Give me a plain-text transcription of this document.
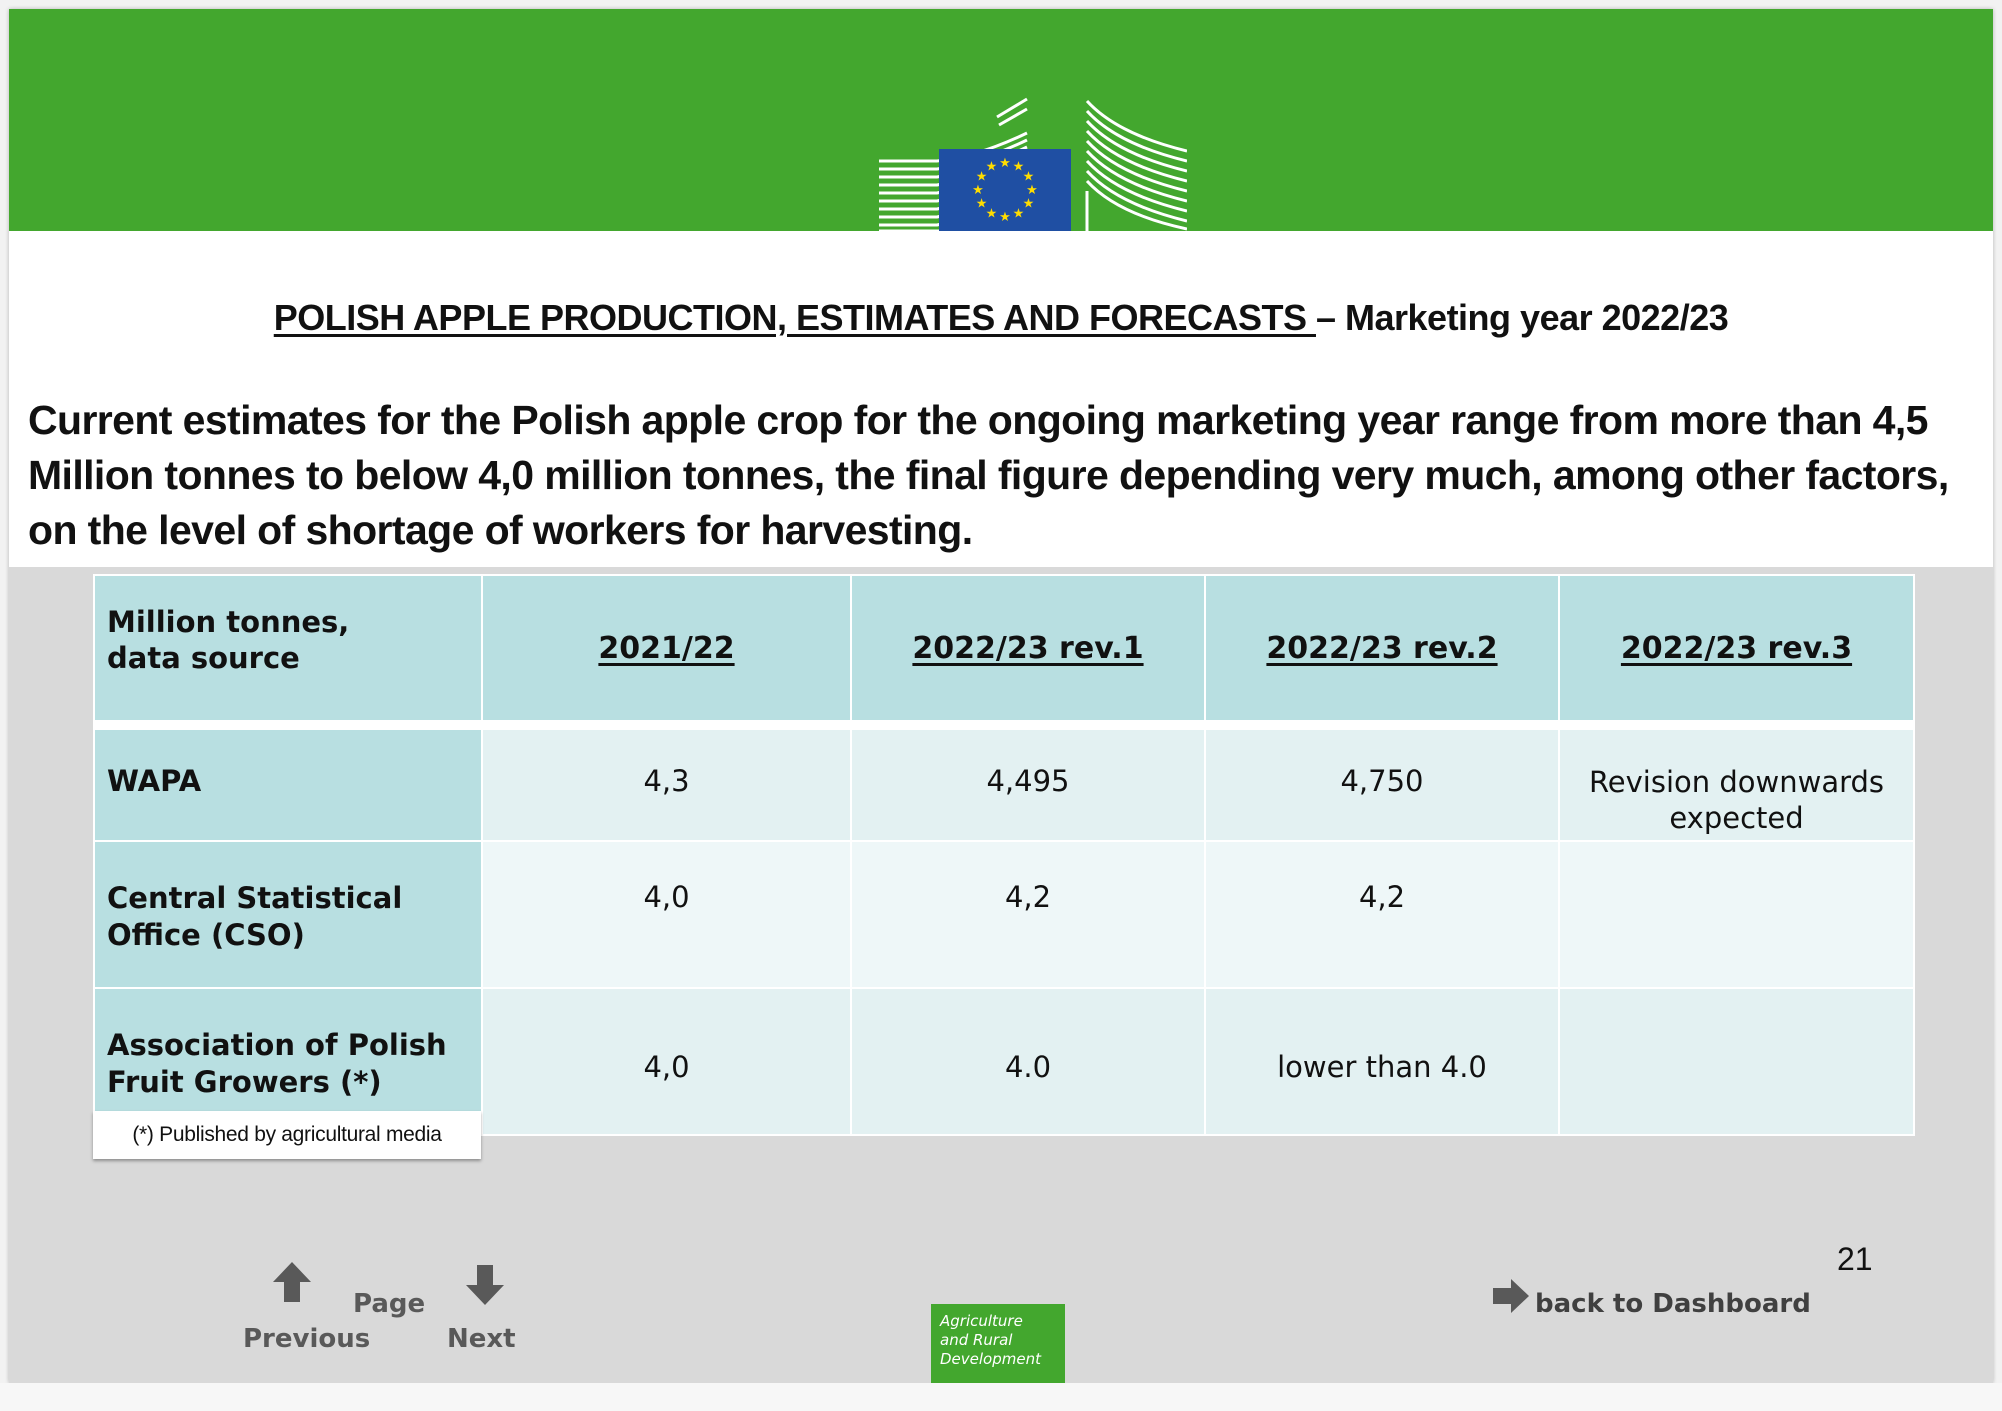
★ ★
★
★
★
★
★
★
★
★
★
★
POLISH APPLE PRODUCTION, ESTIMATES AND FORECASTS – Marketing year 2022/23
Current estimates for the Polish apple crop for the ongoing marketing year range from more than 4,5 Million tonnes to below 4,0 million tonnes, the final figure depending very much, among other factors, on the level of shortage of workers for harvesting.
Million tonnes,
data source	2021/22	2022/23 rev.1	2022/23 rev.2	2022/23 rev.3

WAPA	4,3	4,495	4,750	Revision downwards expected
Central Statistical
Office (CSO)	4,0	4,2	4,2	
Association of Polish
Fruit Growers (*)	4,0	4.0	lower than 4.0	
(*) Published by agricultural media
Previous
Page
Next
Agriculture
and Rural
Development
back to Dashboard
21
